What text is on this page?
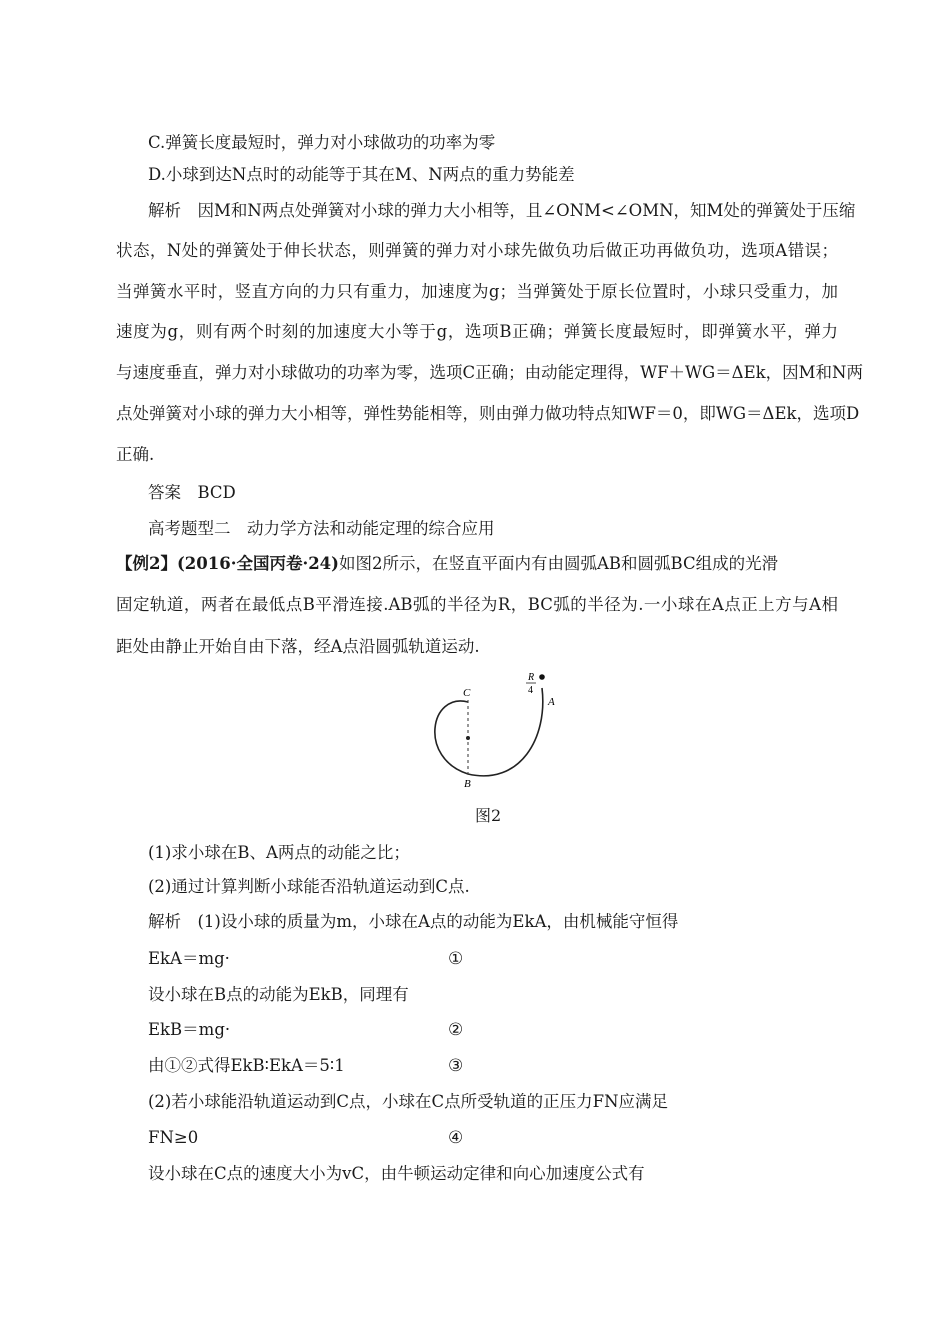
C.弹簧长度最短时，弹力对小球做功的功率为零
D.小球到达N点时的动能等于其在M、N两点的重力势能差
解析　因M和N两点处弹簧对小球的弹力大小相等，且∠ONM<∠OMN，知M处的弹簧处于压缩
状态，N处的弹簧处于伸长状态，则弹簧的弹力对小球先做负功后做正功再做负功，选项A错误；
当弹簧水平时，竖直方向的力只有重力，加速度为g；当弹簧处于原长位置时，小球只受重力，加
速度为g，则有两个时刻的加速度大小等于g，选项B正确；弹簧长度最短时，即弹簧水平，弹力
与速度垂直，弹力对小球做功的功率为零，选项C正确；由动能定理得，WF＋WG＝ΔEk，因M和N两
点处弹簧对小球的弹力大小相等，弹性势能相等，则由弹力做功特点知WF＝0，即WG＝ΔEk，选项D
正确.
答案　BCD
高考题型二　动力学方法和动能定理的综合应用
【例2】(2016·全国丙卷·24)如图2所示，在竖直平面内有由圆弧AB和圆弧BC组成的光滑
固定轨道，两者在最低点B平滑连接.AB弧的半径为R，BC弧的半径为.一小球在A点正上方与A相
距处由静止开始自由下落，经A点沿圆弧轨道运动.
C
B
A
R
4
图2
(1)求小球在B、A两点的动能之比；
(2)通过计算判断小球能否沿轨道运动到C点.
解析　(1)设小球的质量为m，小球在A点的动能为EkA，由机械能守恒得
EkA＝mg·	①
设小球在B点的动能为EkB，同理有
EkB＝mg·	②
由①②式得EkB∶EkA＝5∶1	③
(2)若小球能沿轨道运动到C点，小球在C点所受轨道的正压力FN应满足
FN≥0	④
设小球在C点的速度大小为vC，由牛顿运动定律和向心加速度公式有
